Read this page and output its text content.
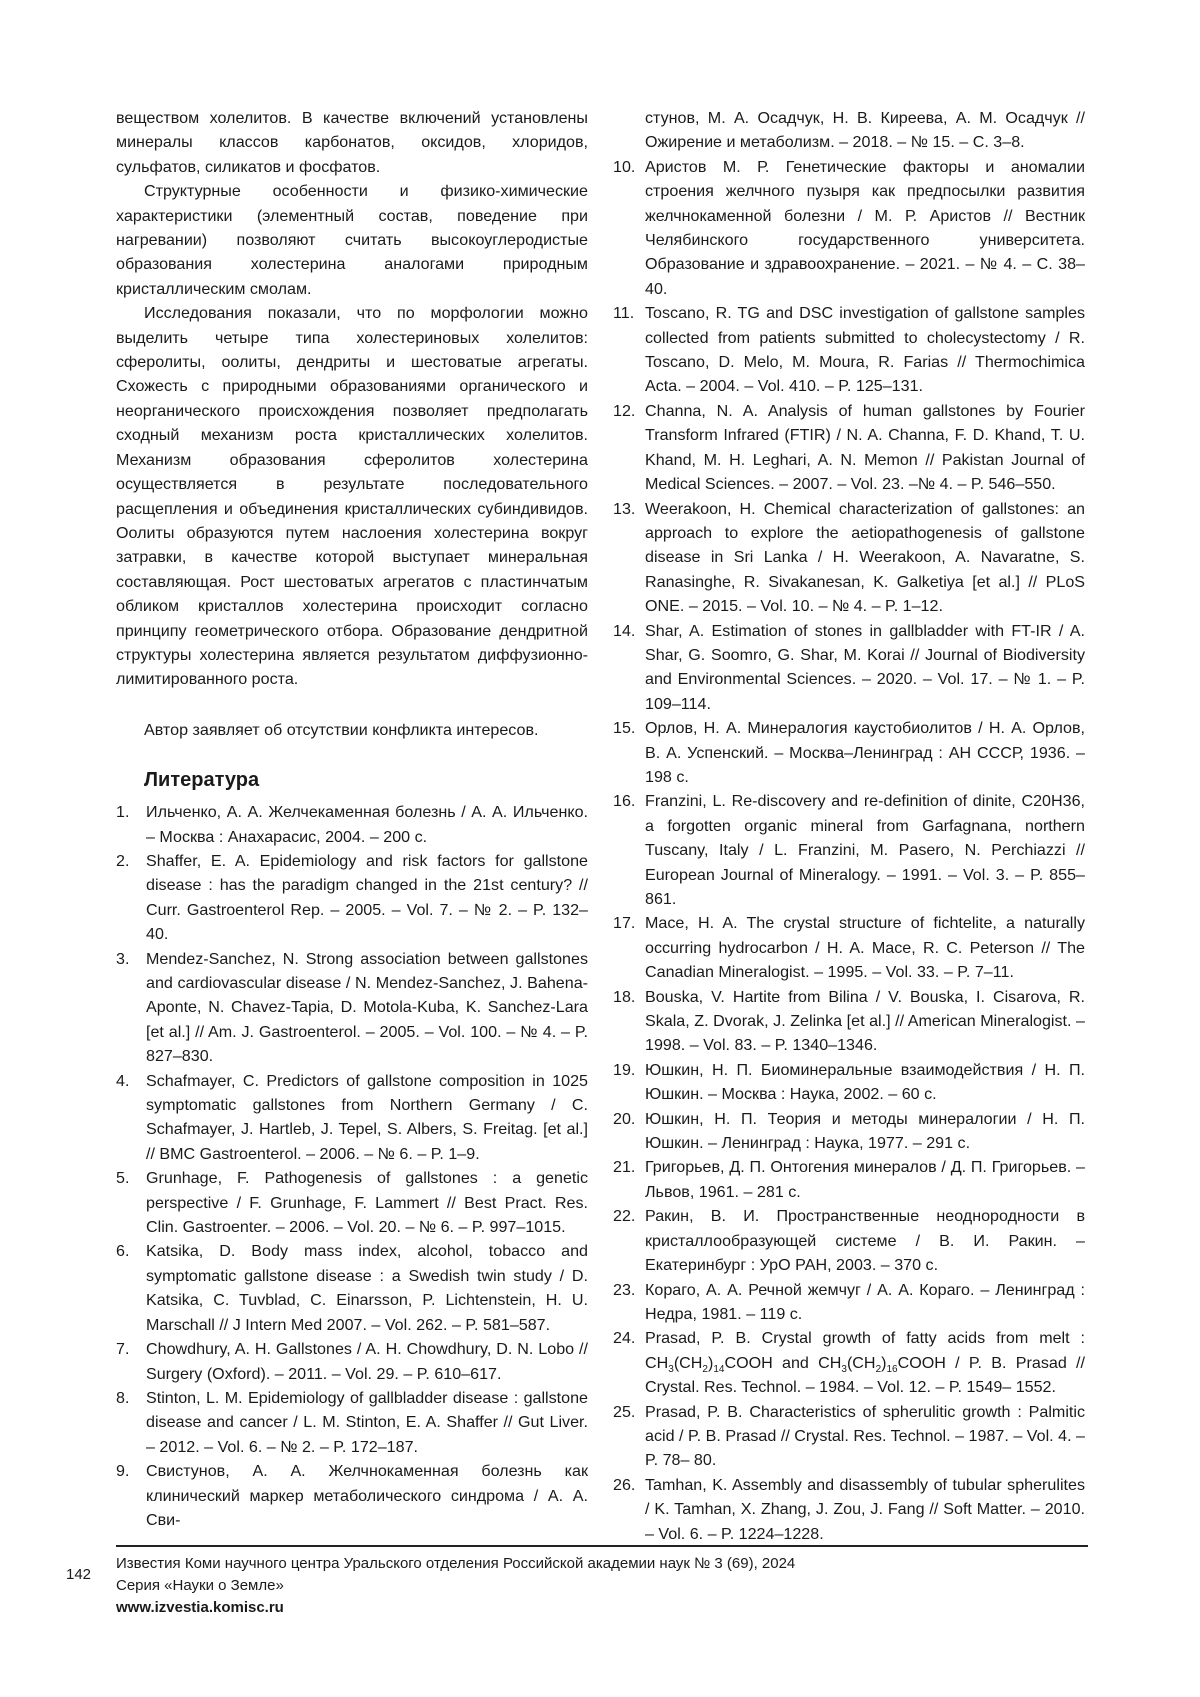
веществом холелитов. В качестве включений установлены минералы классов карбонатов, оксидов, хлоридов, сульфатов, силикатов и фосфатов.

Структурные особенности и физико-химические характеристики (элементный состав, поведение при нагревании) позволяют считать высокоуглеродистые образования холестерина аналогами природным кристаллическим смолам.

Исследования показали, что по морфологии можно выделить четыре типа холестериновых холелитов: сферолиты, оолиты, дендриты и шестоватые агрегаты. Схожесть с природными образованиями органического и неорганического происхождения позволяет предполагать сходный механизм роста кристаллических холелитов. Механизм образования сферолитов холестерина осуществляется в результате последовательного расщепления и объединения кристаллических субиндивидов. Оолиты образуются путем наслоения холестерина вокруг затравки, в качестве которой выступает минеральная составляющая. Рост шестоватых агрегатов с пластинчатым обликом кристаллов холестерина происходит согласно принципу геометрического отбора. Образование дендритной структуры холестерина является результатом диффузионно-лимитированного роста.

Автор заявляет об отсутствии конфликта интересов.

Литература
1. Ильченко, А. А. Желчекаменная болезнь / А. А. Ильченко. – Москва : Анахарасис, 2004. – 200 с.
2. Shaffer, E. A. Epidemiology and risk factors for gallstone disease : has the paradigm changed in the 21st century? // Curr. Gastroenterol Rep. – 2005. – Vol. 7. – № 2. – P. 132–40.
3. Mendez-Sanchez, N. Strong association between gallstones and cardiovascular disease / N. Mendez-Sanchez, J. Bahena-Aponte, N. Chavez-Tapia, D. Motola-Kuba, K. Sanchez-Lara [et al.] // Am. J. Gastroenterol. – 2005. – Vol. 100. – № 4. – P. 827–830.
4. Schafmayer, C. Predictors of gallstone composition in 1025 symptomatic gallstones from Northern Germany / C. Schafmayer, J. Hartleb, J. Tepel, S. Albers, S. Freitag. [et al.] // BMC Gastroenterol. – 2006. – № 6. – P. 1–9.
5. Grunhage, F. Pathogenesis of gallstones : a genetic perspective / F. Grunhage, F. Lammert // Best Pract. Res. Clin. Gastroenter. – 2006. – Vol. 20. – № 6. – P. 997–1015.
6. Katsika, D. Body mass index, alcohol, tobacco and symptomatic gallstone disease : a Swedish twin study / D. Katsika, C. Tuvblad, C. Einarsson, P. Lichtenstein, H. U. Marschall // J Intern Med 2007. – Vol. 262. – P. 581–587.
7. Chowdhury, A. H. Gallstones / A. H. Chowdhury, D. N. Lobo // Surgery (Oxford). – 2011. – Vol. 29. – P. 610–617.
8. Stinton, L. M. Epidemiology of gallbladder disease : gallstone disease and cancer / L. M. Stinton, E. A. Shaffer // Gut Liver. – 2012. – Vol. 6. – № 2. – P. 172–187.
9. Свистунов, А. А. Желчнокаменная болезнь как клинический маркер метаболического синдрома / А. А. Сви-
стунов, М. А. Осадчук, Н. В. Киреева, А. М. Осадчук // Ожирение и метаболизм. – 2018. – № 15. – С. 3–8.
10. Аристов М. Р. Генетические факторы и аномалии строения желчного пузыря как предпосылки развития желчнокаменной болезни / М. Р. Аристов // Вестник Челябинского государственного университета. Образование и здравоохранение. – 2021. – № 4. – С. 38–40.
11. Toscano, R. TG and DSC investigation of gallstone samples collected from patients submitted to cholecystectomy / R. Toscano, D. Melo, M. Moura, R. Farias // Thermochimica Acta. – 2004. – Vol. 410. – P. 125–131.
12. Channa, N. A. Analysis of human gallstones by Fourier Transform Infrared (FTIR) / N. A. Channa, F. D. Khand, T. U. Khand, M. H. Leghari, A. N. Memon // Pakistan Journal of Medical Sciences. – 2007. – Vol. 23. –№ 4. – P. 546–550.
13. Weerakoon, H. Chemical characterization of gallstones: an approach to explore the aetiopathogenesis of gallstone disease in Sri Lanka / H. Weerakoon, A. Navaratne, S. Ranasinghe, R. Sivakanesan, K. Galketiya [et al.] // PLoS ONE. – 2015. – Vol. 10. – № 4. – P. 1–12.
14. Shar, A. Estimation of stones in gallbladder with FT-IR / A. Shar, G. Soomro, G. Shar, M. Korai // Journal of Biodiversity and Environmental Sciences. – 2020. – Vol. 17. – № 1. – P. 109–114.
15. Орлов, Н. А. Минералогия каустобиолитов / Н. А. Орлов, В. А. Успенский. – Москва–Ленинград : АН СССР, 1936. – 198 с.
16. Franzini, L. Re-discovery and re-definition of dinite, C20H36, a forgotten organic mineral from Garfagnana, northern Tuscany, Italy / L. Franzini, M. Pasero, N. Perchiazzi // European Journal of Mineralogy. – 1991. – Vol. 3. – P. 855–861.
17. Mace, H. A. The crystal structure of fichtelite, a naturally occurring hydrocarbon / H. A. Mace, R. C. Peterson // The Canadian Mineralogist. – 1995. – Vol. 33. – P. 7–11.
18. Bouska, V. Hartite from Bilina / V. Bouska, I. Cisarova, R. Skala, Z. Dvorak, J. Zelinka [et al.] // American Mineralogist. – 1998. – Vol. 83. – P. 1340–1346.
19. Юшкин, Н. П. Биоминеральные взаимодействия / Н. П. Юшкин. – Москва : Наука, 2002. – 60 с.
20. Юшкин, Н. П. Теория и методы минералогии / Н. П. Юшкин. – Ленинград : Наука, 1977. – 291 с.
21. Григорьев, Д. П. Онтогения минералов / Д. П. Григорьев. – Львов, 1961. – 281 с.
22. Ракин, В. И. Пространственные неоднородности в кристаллообразующей системе / В. И. Ракин. – Екатеринбург : УрО РАН, 2003. – 370 с.
23. Кораго, А. А. Речной жемчуг / А. А. Кораго. – Ленинград : Недра, 1981. – 119 с.
24. Prasad, P. B. Crystal growth of fatty acids from melt : $CH_3(CH_2)_{14}COOH$ and $CH_3(CH_2)_{16}COOH$ / P. B. Prasad // Crystal. Res. Technol. – 1984. – Vol. 12. – P. 1549– 1552.
25. Prasad, P. B. Characteristics of spherulitic growth : Palmitic acid / P. B. Prasad // Crystal. Res. Technol. – 1987. – Vol. 4. – P. 78– 80.
26. Tamhan, K. Assembly and disassembly of tubular spherulites / K. Tamhan, X. Zhang, J. Zou, J. Fang // Soft Matter. – 2010. – Vol. 6. – P. 1224–1228.
142
Известия Коми научного центра Уральского отделения Российской академии наук № 3 (69), 2024
Серия «Науки о Земле»
www.izvestia.komisc.ru
